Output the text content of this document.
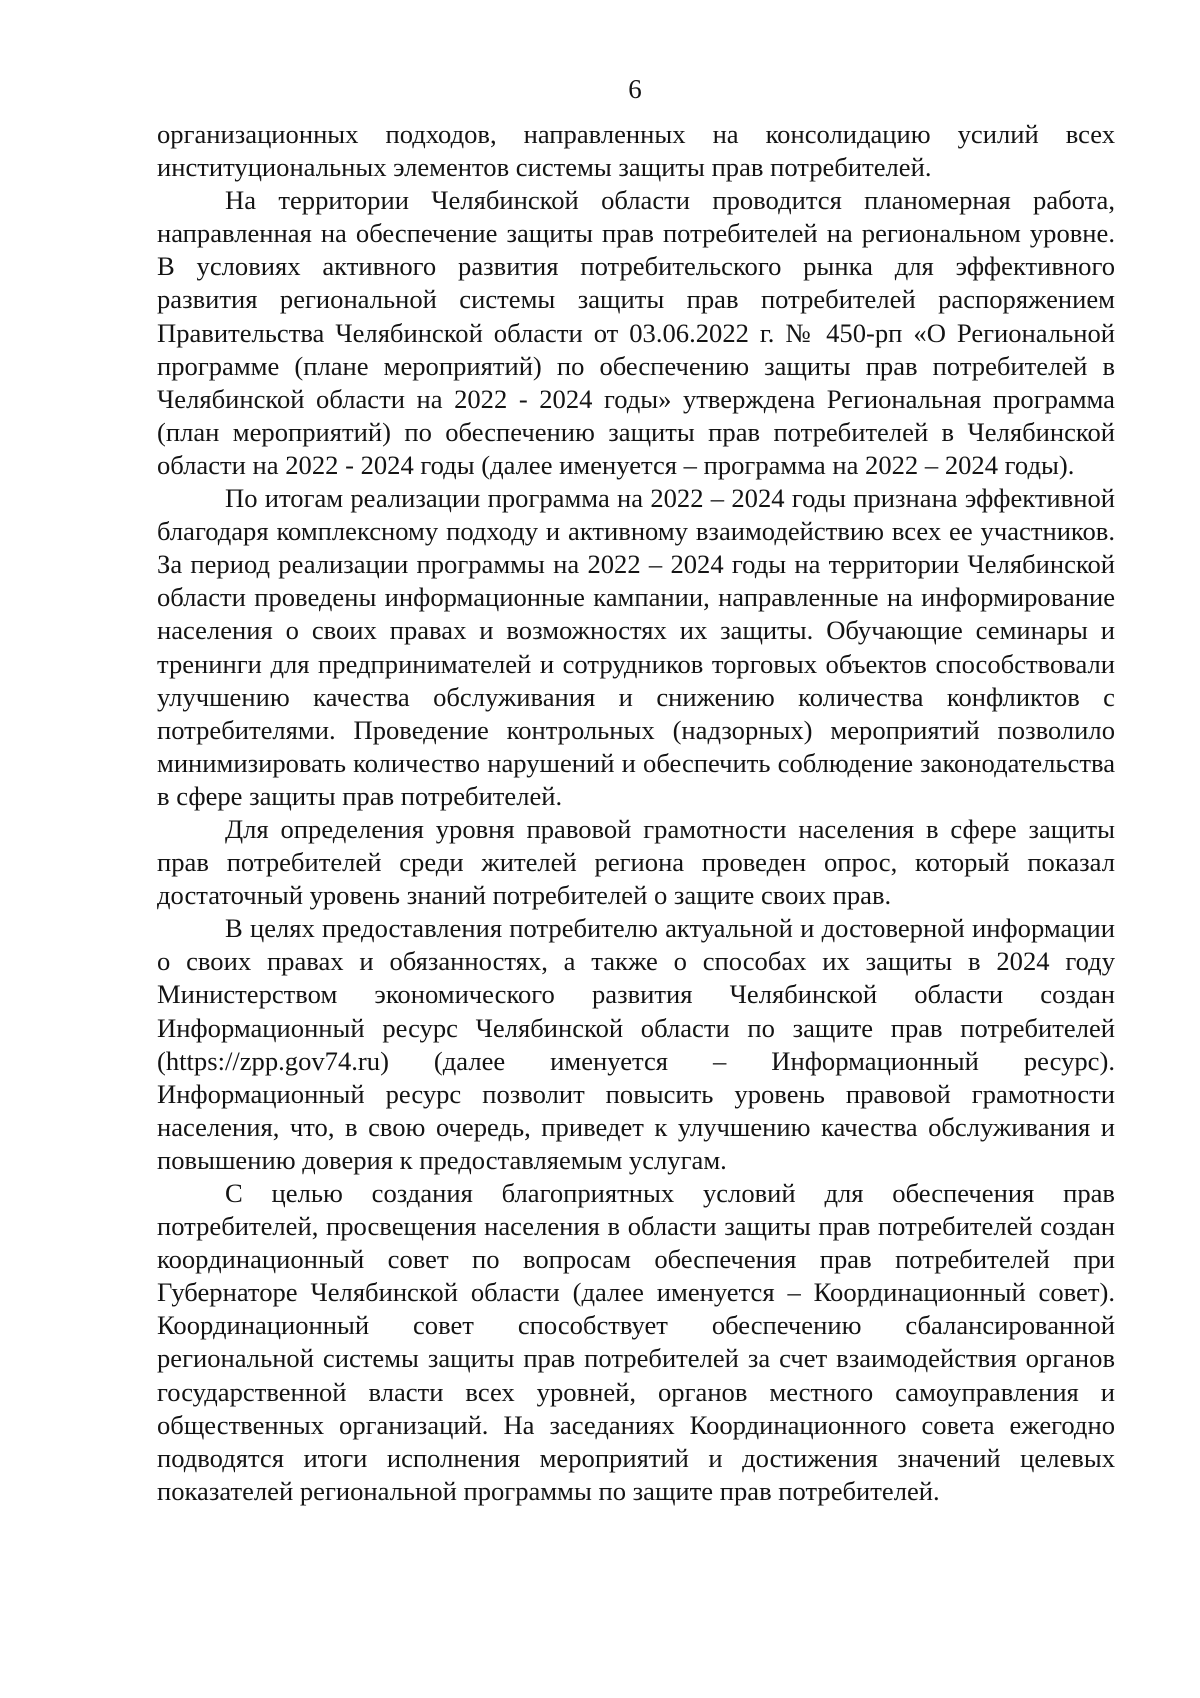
6

организационных подходов, направленных на консолидацию усилий всех институциональных элементов системы защиты прав потребителей.

На территории Челябинской области проводится планомерная работа, направленная на обеспечение защиты прав потребителей на региональном уровне. В условиях активного развития потребительского рынка для эффективного развития региональной системы защиты прав потребителей распоряжением Правительства Челябинской области от 03.06.2022 г. № 450-рп «О Региональной программе (плане мероприятий) по обеспечению защиты прав потребителей в Челябинской области на 2022 - 2024 годы» утверждена Региональная программа (план мероприятий) по обеспечению защиты прав потребителей в Челябинской области на 2022 - 2024 годы (далее именуется – программа на 2022 – 2024 годы).

По итогам реализации программа на 2022 – 2024 годы признана эффективной благодаря комплексному подходу и активному взаимодействию всех ее участников. За период реализации программы на 2022 – 2024 годы на территории Челябинской области проведены информационные кампании, направленные на информирование населения о своих правах и возможностях их защиты. Обучающие семинары и тренинги для предпринимателей и сотрудников торговых объектов способствовали улучшению качества обслуживания и снижению количества конфликтов с потребителями. Проведение контрольных (надзорных) мероприятий позволило минимизировать количество нарушений и обеспечить соблюдение законодательства в сфере защиты прав потребителей.

Для определения уровня правовой грамотности населения в сфере защиты прав потребителей среди жителей региона проведен опрос, который показал достаточный уровень знаний потребителей о защите своих прав.

В целях предоставления потребителю актуальной и достоверной информации о своих правах и обязанностях, а также о способах их защиты в 2024 году Министерством экономического развития Челябинской области создан Информационный ресурс Челябинской области по защите прав потребителей (https://zpp.gov74.ru) (далее именуется – Информационный ресурс). Информационный ресурс позволит повысить уровень правовой грамотности населения, что, в свою очередь, приведет к улучшению качества обслуживания и повышению доверия к предоставляемым услугам.

С целью создания благоприятных условий для обеспечения прав потребителей, просвещения населения в области защиты прав потребителей создан координационный совет по вопросам обеспечения прав потребителей при Губернаторе Челябинской области (далее именуется – Координационный совет). Координационный совет способствует обеспечению сбалансированной региональной системы защиты прав потребителей за счет взаимодействия органов государственной власти всех уровней, органов местного самоуправления и общественных организаций. На заседаниях Координационного совета ежегодно подводятся итоги исполнения мероприятий и достижения значений целевых показателей региональной программы по защите прав потребителей.
